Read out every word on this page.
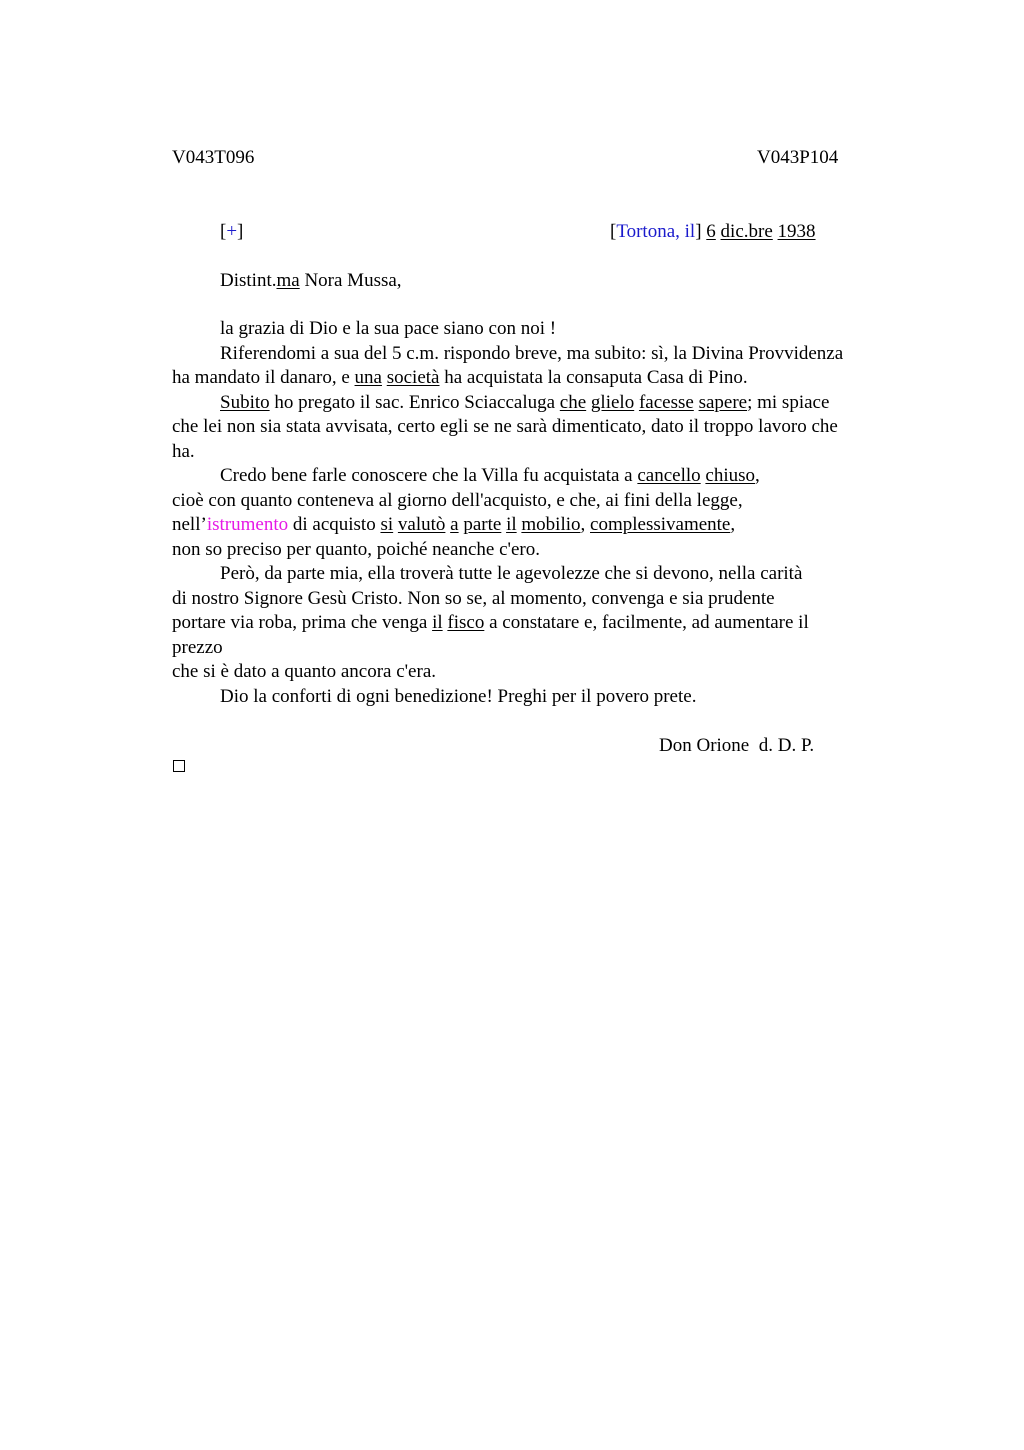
V043T096	V043P104
[+]	[Tortona, il] 6 dic.bre 1938
Distint.ma Nora Mussa,
la grazia di Dio e la sua pace siano con noi !
Riferendomi a sua del 5 c.m. rispondo breve, ma subito: sì, la Divina Provvidenza
ha mandato il danaro, e una società ha acquistata la consaputa Casa di Pino.
Subito ho pregato il sac. Enrico Sciaccaluga che glielo facesse sapere; mi spiace
che lei non sia stata avvisata, certo egli se ne sarà dimenticato, dato il troppo lavoro che
ha.
Credo bene farle conoscere che la Villa fu acquistata a cancello chiuso,
cioè con quanto conteneva al giorno dell'acquisto, e che, ai fini della legge,
nell’istrumento di acquisto si valutò a parte il mobilio, complessivamente,
non so preciso per quanto, poiché neanche c'ero.
Però, da parte mia, ella troverà tutte le agevolezze che si devono, nella carità
di nostro Signore Gesù Cristo. Non so se, al momento, convenga e sia prudente
portare via roba, prima che venga il fisco a constatare e, facilmente, ad aumentare il
prezzo
che si è dato a quanto ancora c'era.
Dio la conforti di ogni benedizione! Preghi per il povero prete.
Don Orione  d. D. P.
